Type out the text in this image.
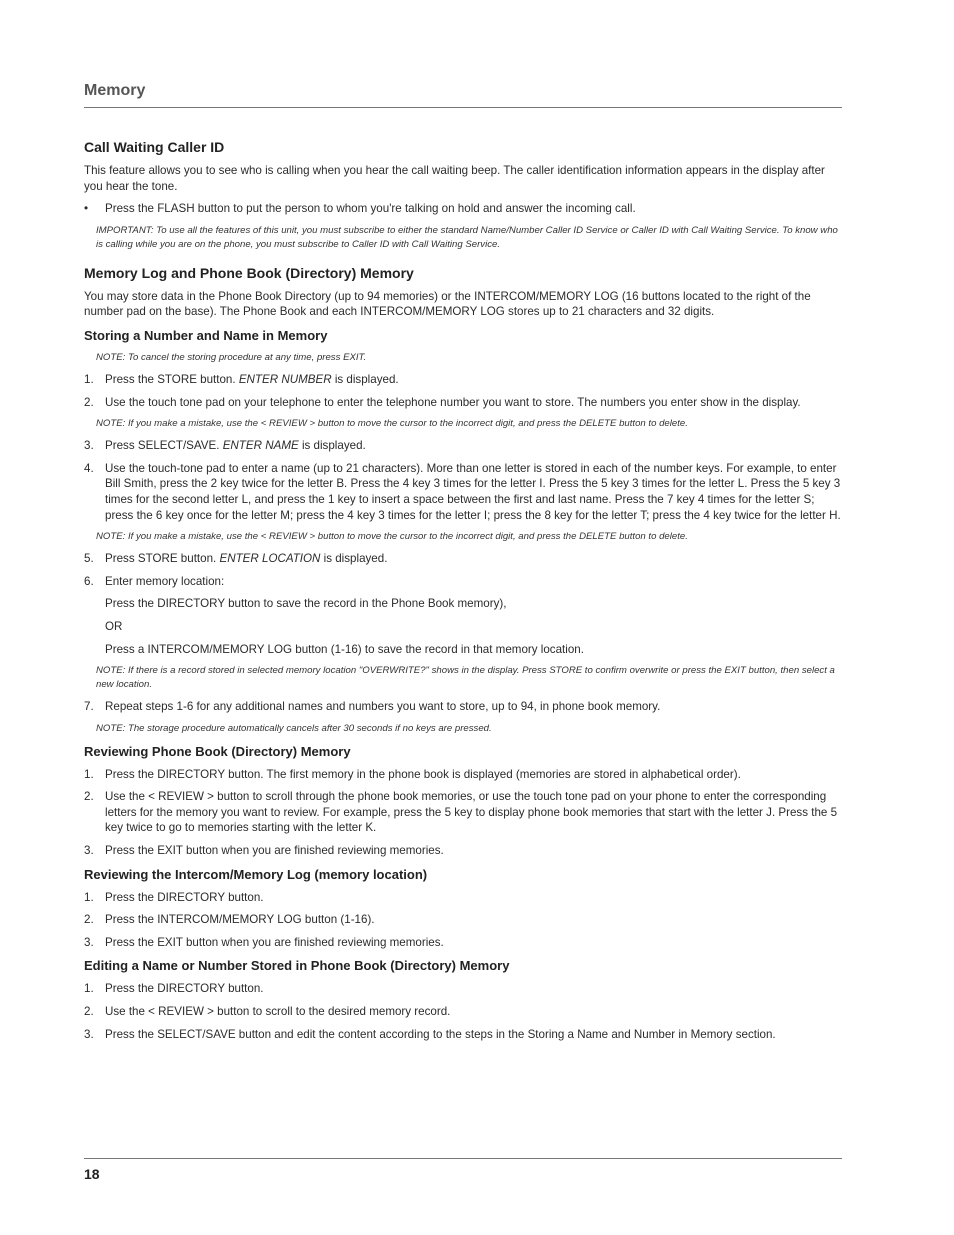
Memory
Call Waiting Caller ID

This feature allows you to see who is calling when you hear the call waiting beep. The caller identification information appears in the display after you hear the tone.

•	Press the FLASH button to put the person to whom you're talking on hold and answer the incoming call.
IMPORTANT: To use all the features of this unit, you must subscribe to either the standard Name/Number Caller ID Service or Caller ID with Call Waiting Service. To know who is calling while you are on the phone, you must subscribe to Caller ID with Call Waiting Service.
Memory Log and Phone Book (Directory) Memory

You may store data in the Phone Book Directory (up to 94 memories) or the INTERCOM/MEMORY LOG (16 buttons located to the right of the number pad on the base). The Phone Book and each INTERCOM/MEMORY LOG stores up to 21 characters and 32 digits.

Storing a Number and Name in Memory
NOTE: To cancel the storing procedure at any time, press EXIT.
1. Press the STORE button. ENTER NUMBER is displayed.
2. Use the touch tone pad on your telephone to enter the telephone number you want to store. The numbers you enter show in the display.
NOTE: If you make a mistake, use the < REVIEW > button to move the cursor to the incorrect digit, and press the DELETE button to delete.
3. Press SELECT/SAVE. ENTER NAME is displayed.
4. Use the touch-tone pad to enter a name (up to 21 characters). More than one letter is stored in each of the number keys. For example, to enter Bill Smith, press the 2 key twice for the letter B. Press the 4 key 3 times for the letter I. Press the 5 key 3 times for the letter L. Press the 5 key 3 times for the second letter L, and press the 1 key to insert a space between the first and last name. Press the 7 key 4 times for the letter S; press the 6 key once for the letter M; press the 4 key 3 times for the letter I; press the 8 key for the letter T; press the 4 key twice for the letter H.
NOTE: If you make a mistake, use the < REVIEW > button to move the cursor to the incorrect digit, and press the DELETE button to delete.
5. Press STORE button. ENTER LOCATION is displayed.
6. Enter memory location:
Press the DIRECTORY button to save the record in the Phone Book memory),
OR
Press a INTERCOM/MEMORY LOG button (1-16) to save the record in that memory location.
NOTE: If there is a record stored in selected memory location "OVERWRITE?" shows in the display. Press STORE to confirm overwrite or press the EXIT button, then select a new location.
7. Repeat steps 1-6 for any additional names and numbers you want to store, up to 94, in phone book memory.
NOTE: The storage procedure automatically cancels after 30 seconds if no keys are pressed.
Reviewing Phone Book (Directory) Memory
1. Press the DIRECTORY button. The first memory in the phone book is displayed (memories are stored in alphabetical order).
2. Use the < REVIEW > button to scroll through the phone book memories, or use the touch tone pad on your phone to enter the corresponding letters for the memory you want to review. For example, press the 5 key to display phone book memories that start with the letter J. Press the 5 key twice to go to memories starting with the letter K.
3. Press the EXIT button when you are finished reviewing memories.
Reviewing the Intercom/Memory Log (memory location)
1. Press the DIRECTORY button.
2. Press the INTERCOM/MEMORY LOG button (1-16).
3. Press the EXIT button when you are finished reviewing memories.
Editing a Name or Number Stored in Phone Book (Directory) Memory
1. Press the DIRECTORY button.
2. Use the < REVIEW > button to scroll to the desired memory record.
3. Press the SELECT/SAVE button and edit the content according to the steps in the Storing a Name and Number in Memory section.
18
